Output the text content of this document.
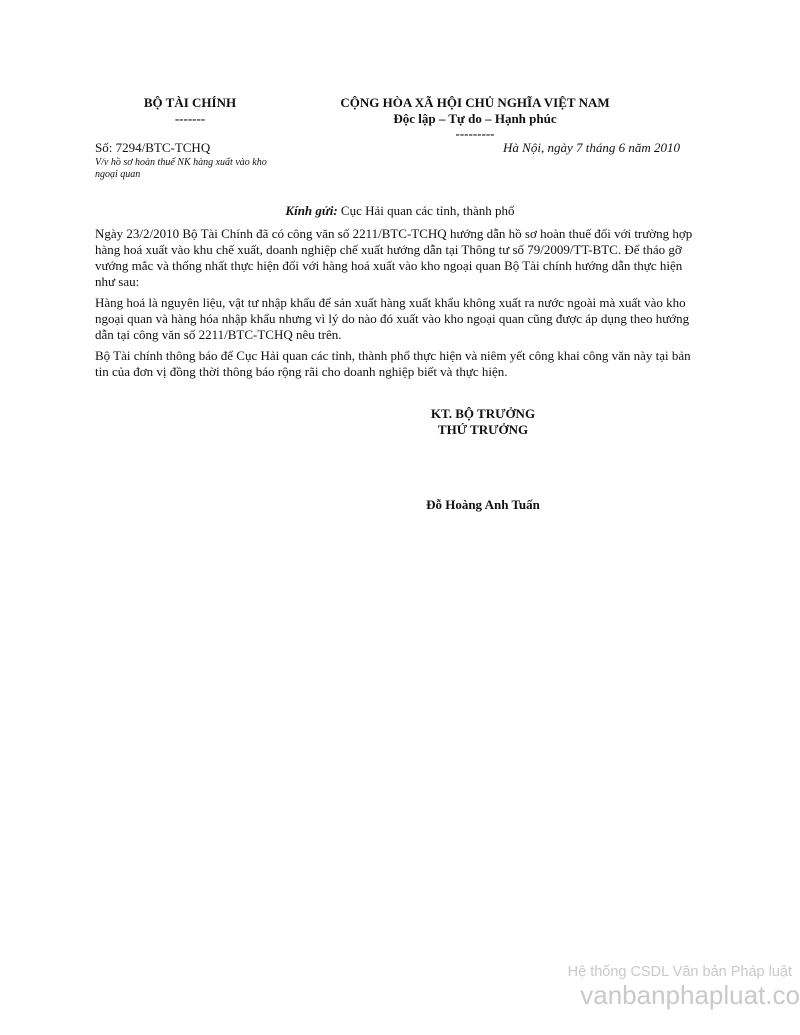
BỘ TÀI CHÍNH
-------
CỘNG HÒA XÃ HỘI CHỦ NGHĨA VIỆT NAM
Độc lập – Tự do – Hạnh phúc
---------
Số: 7294/BTC-TCHQ
V/v hồ sơ hoàn thuế NK hàng xuất vào kho
ngoại quan
Hà Nội, ngày 7 tháng 6 năm 2010
Kính gửi: Cục Hải quan các tỉnh, thành phố
Ngày 23/2/2010 Bộ Tài Chính đã có công văn số 2211/BTC-TCHQ hướng dẫn hồ sơ hoàn thuế đối với trường hợp
hàng hoá xuất vào khu chế xuất, doanh nghiệp chế xuất hướng dẫn tại Thông tư số 79/2009/TT-BTC. Để tháo gỡ
vướng mắc và thống nhất thực hiện đối với hàng hoá xuất vào kho ngoại quan Bộ Tài chính hướng dẫn thực hiện
như sau:
Hàng hoá là nguyên liệu, vật tư nhập khẩu để sản xuất hàng xuất khẩu không xuất ra nước ngoài mà xuất vào kho
ngoại quan và hàng hóa nhập khẩu nhưng vì lý do nào đó xuất vào kho ngoại quan cũng được áp dụng theo hướng
dẫn tại công văn số 2211/BTC-TCHQ nêu trên.
Bộ Tài chính thông báo để Cục Hải quan các tỉnh, thành phố thực hiện và niêm yết công khai công văn này tại bản
tin của đơn vị đồng thời thông báo rộng rãi cho doanh nghiệp biết và thực hiện.
KT. BỘ TRƯỞNG
THỨ TRƯỞNG
Đỗ Hoàng Anh Tuấn
Hệ thống CSDL Văn bản Pháp luật
vanbanphapluat.co
